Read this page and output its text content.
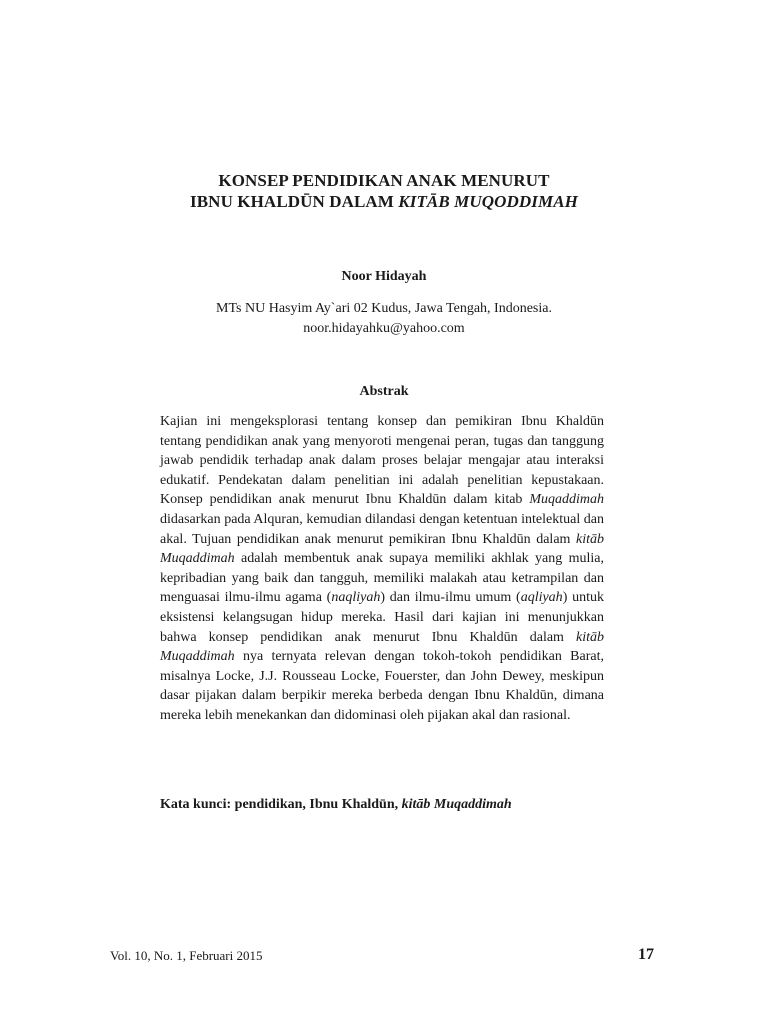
KONSEP PENDIDIKAN ANAK MENURUT
IBNU KHALDŪN DALAM KITĀB MUQODDIMAH
Noor Hidayah
MTs NU Hasyim Ay`ari 02 Kudus, Jawa Tengah, Indonesia.
noor.hidayahku@yahoo.com
Abstrak
Kajian ini mengeksplorasi tentang konsep dan pemikiran Ibnu Khaldūn tentang pendidikan anak yang menyoroti mengenai peran, tugas dan tanggung jawab pendidik terhadap anak dalam proses belajar mengajar atau interaksi edukatif. Pendekatan dalam penelitian ini adalah penelitian kepustakaan. Konsep pendidikan anak menurut Ibnu Khaldūn dalam kitab Muqaddimah didasarkan pada Alquran, kemudian dilandasi dengan ketentuan intelektual dan akal. Tujuan pendidikan anak menurut pemikiran Ibnu Khaldūn dalam kitāb Muqaddimah adalah membentuk anak supaya memiliki akhlak yang mulia, kepribadian yang baik dan tangguh, memiliki malakah atau ketrampilan dan menguasai ilmu-ilmu agama (naqliyah) dan ilmu-ilmu umum (aqliyah) untuk eksistensi kelangsugan hidup mereka. Hasil dari kajian ini menunjukkan bahwa konsep pendidikan anak menurut Ibnu Khaldūn dalam kitāb Muqaddimah nya ternyata relevan dengan tokoh-tokoh pendidikan Barat, misalnya Locke, J.J. Rousseau Locke, Fouerster, dan John Dewey, meskipun dasar pijakan dalam berpikir mereka berbeda dengan Ibnu Khaldūn, dimana mereka lebih menekankan dan didominasi oleh pijakan akal dan rasional.
Kata kunci: pendidikan, Ibnu Khaldūn, kitāb Muqaddimah
Vol. 10, No. 1, Februari 2015	17
